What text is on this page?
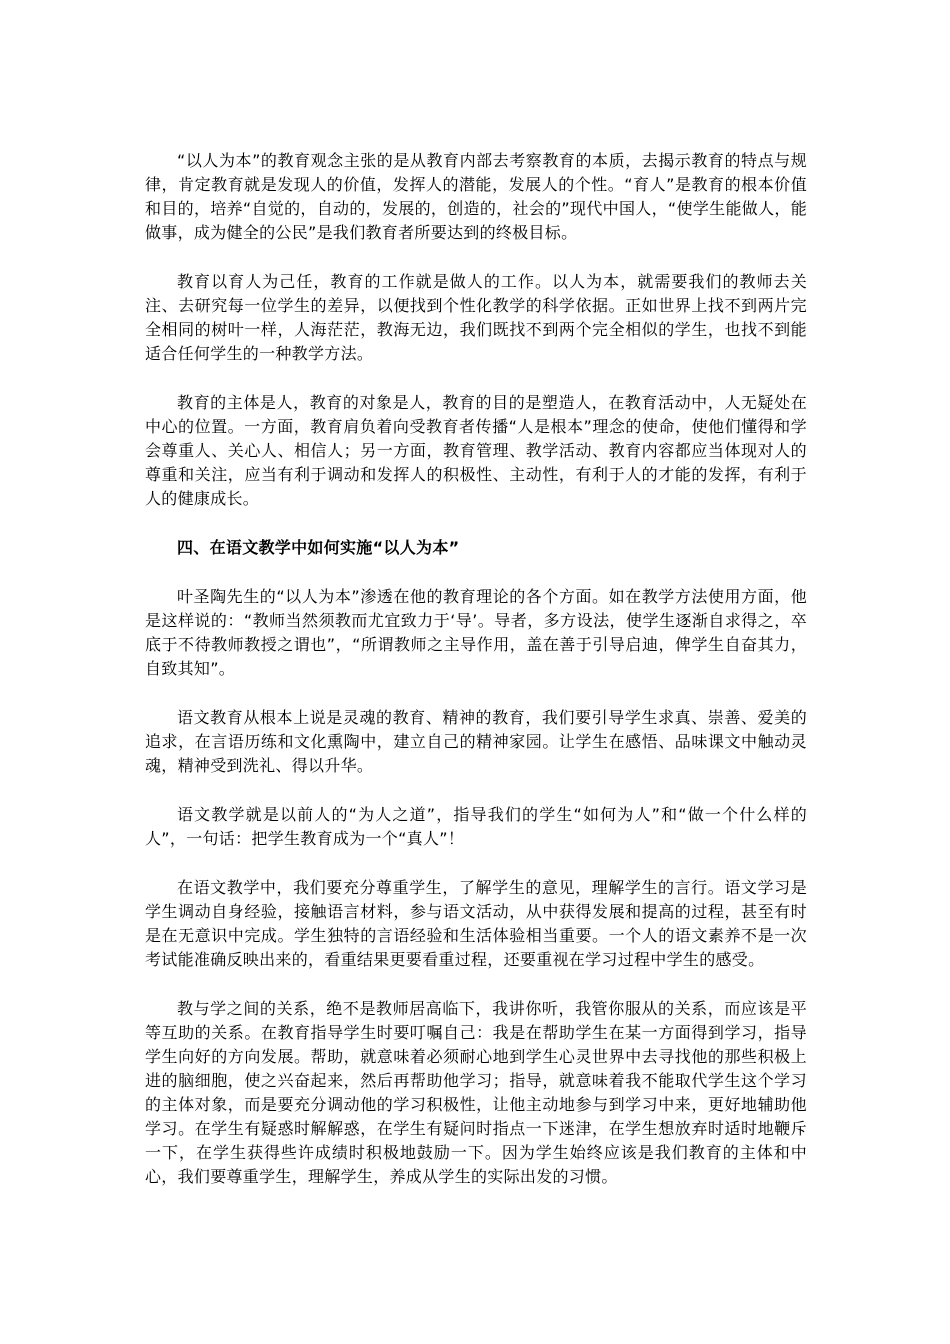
“以人为本”的教育观念主张的是从教育内部去考察教育的本质，去揭示教育的特点与规律，肯定教育就是发现人的价值，发挥人的潜能，发展人的个性。“育人”是教育的根本价值和目的，培养“自觉的，自动的，发展的，创造的，社会的”现代中国人，“使学生能做人，能做事，成为健全的公民”是我们教育者所要达到的终极目标。

教育以育人为己任，教育的工作就是做人的工作。以人为本，就需要我们的教师去关注、去研究每一位学生的差异，以便找到个性化教学的科学依据。正如世界上找不到两片完全相同的树叶一样，人海茫茫，教海无边，我们既找不到两个完全相似的学生，也找不到能适合任何学生的一种教学方法。

教育的主体是人，教育的对象是人，教育的目的是塑造人，在教育活动中，人无疑处在中心的位置。一方面，教育肩负着向受教育者传播“人是根本”理念的使命，使他们懂得和学会尊重人、关心人、相信人；另一方面，教育管理、教学活动、教育内容都应当体现对人的尊重和关注，应当有利于调动和发挥人的积极性、主动性，有利于人的才能的发挥，有利于人的健康成长。

四、在语文教学中如何实施“以人为本”

叶圣陶先生的“以人为本”渗透在他的教育理论的各个方面。如在教学方法使用方面，他是这样说的：“教师当然须教而尤宜致力于‘导’。导者，多方设法，使学生逐渐自求得之，卒底于不待教师教授之谓也”，“所谓教师之主导作用，盖在善于引导启迪，俾学生自奋其力，自致其知”。

语文教育从根本上说是灵魂的教育、精神的教育，我们要引导学生求真、崇善、爱美的追求，在言语历练和文化熏陶中，建立自己的精神家园。让学生在感悟、品味课文中触动灵魂，精神受到洗礼、得以升华。

语文教学就是以前人的“为人之道”，指导我们的学生“如何为人”和“做一个什么样的人”，一句话：把学生教育成为一个“真人”！

在语文教学中，我们要充分尊重学生，了解学生的意见，理解学生的言行。语文学习是学生调动自身经验，接触语言材料，参与语文活动，从中获得发展和提高的过程，甚至有时是在无意识中完成。学生独特的言语经验和生活体验相当重要。一个人的语文素养不是一次考试能准确反映出来的，看重结果更要看重过程，还要重视在学习过程中学生的感受。

教与学之间的关系，绝不是教师居高临下，我讲你听，我管你服从的关系，而应该是平等互助的关系。在教育指导学生时要叮嘱自己：我是在帮助学生在某一方面得到学习，指导学生向好的方向发展。帮助，就意味着必须耐心地到学生心灵世界中去寻找他的那些积极上进的脑细胞，使之兴奋起来，然后再帮助他学习；指导，就意味着我不能取代学生这个学习的主体对象，而是要充分调动他的学习积极性，让他主动地参与到学习中来，更好地辅助他学习。在学生有疑惑时解解惑，在学生有疑问时指点一下迷津，在学生想放弃时适时地鞭斥一下，在学生获得些许成绩时积极地鼓励一下。因为学生始终应该是我们教育的主体和中心，我们要尊重学生，理解学生，养成从学生的实际出发的习惯。
